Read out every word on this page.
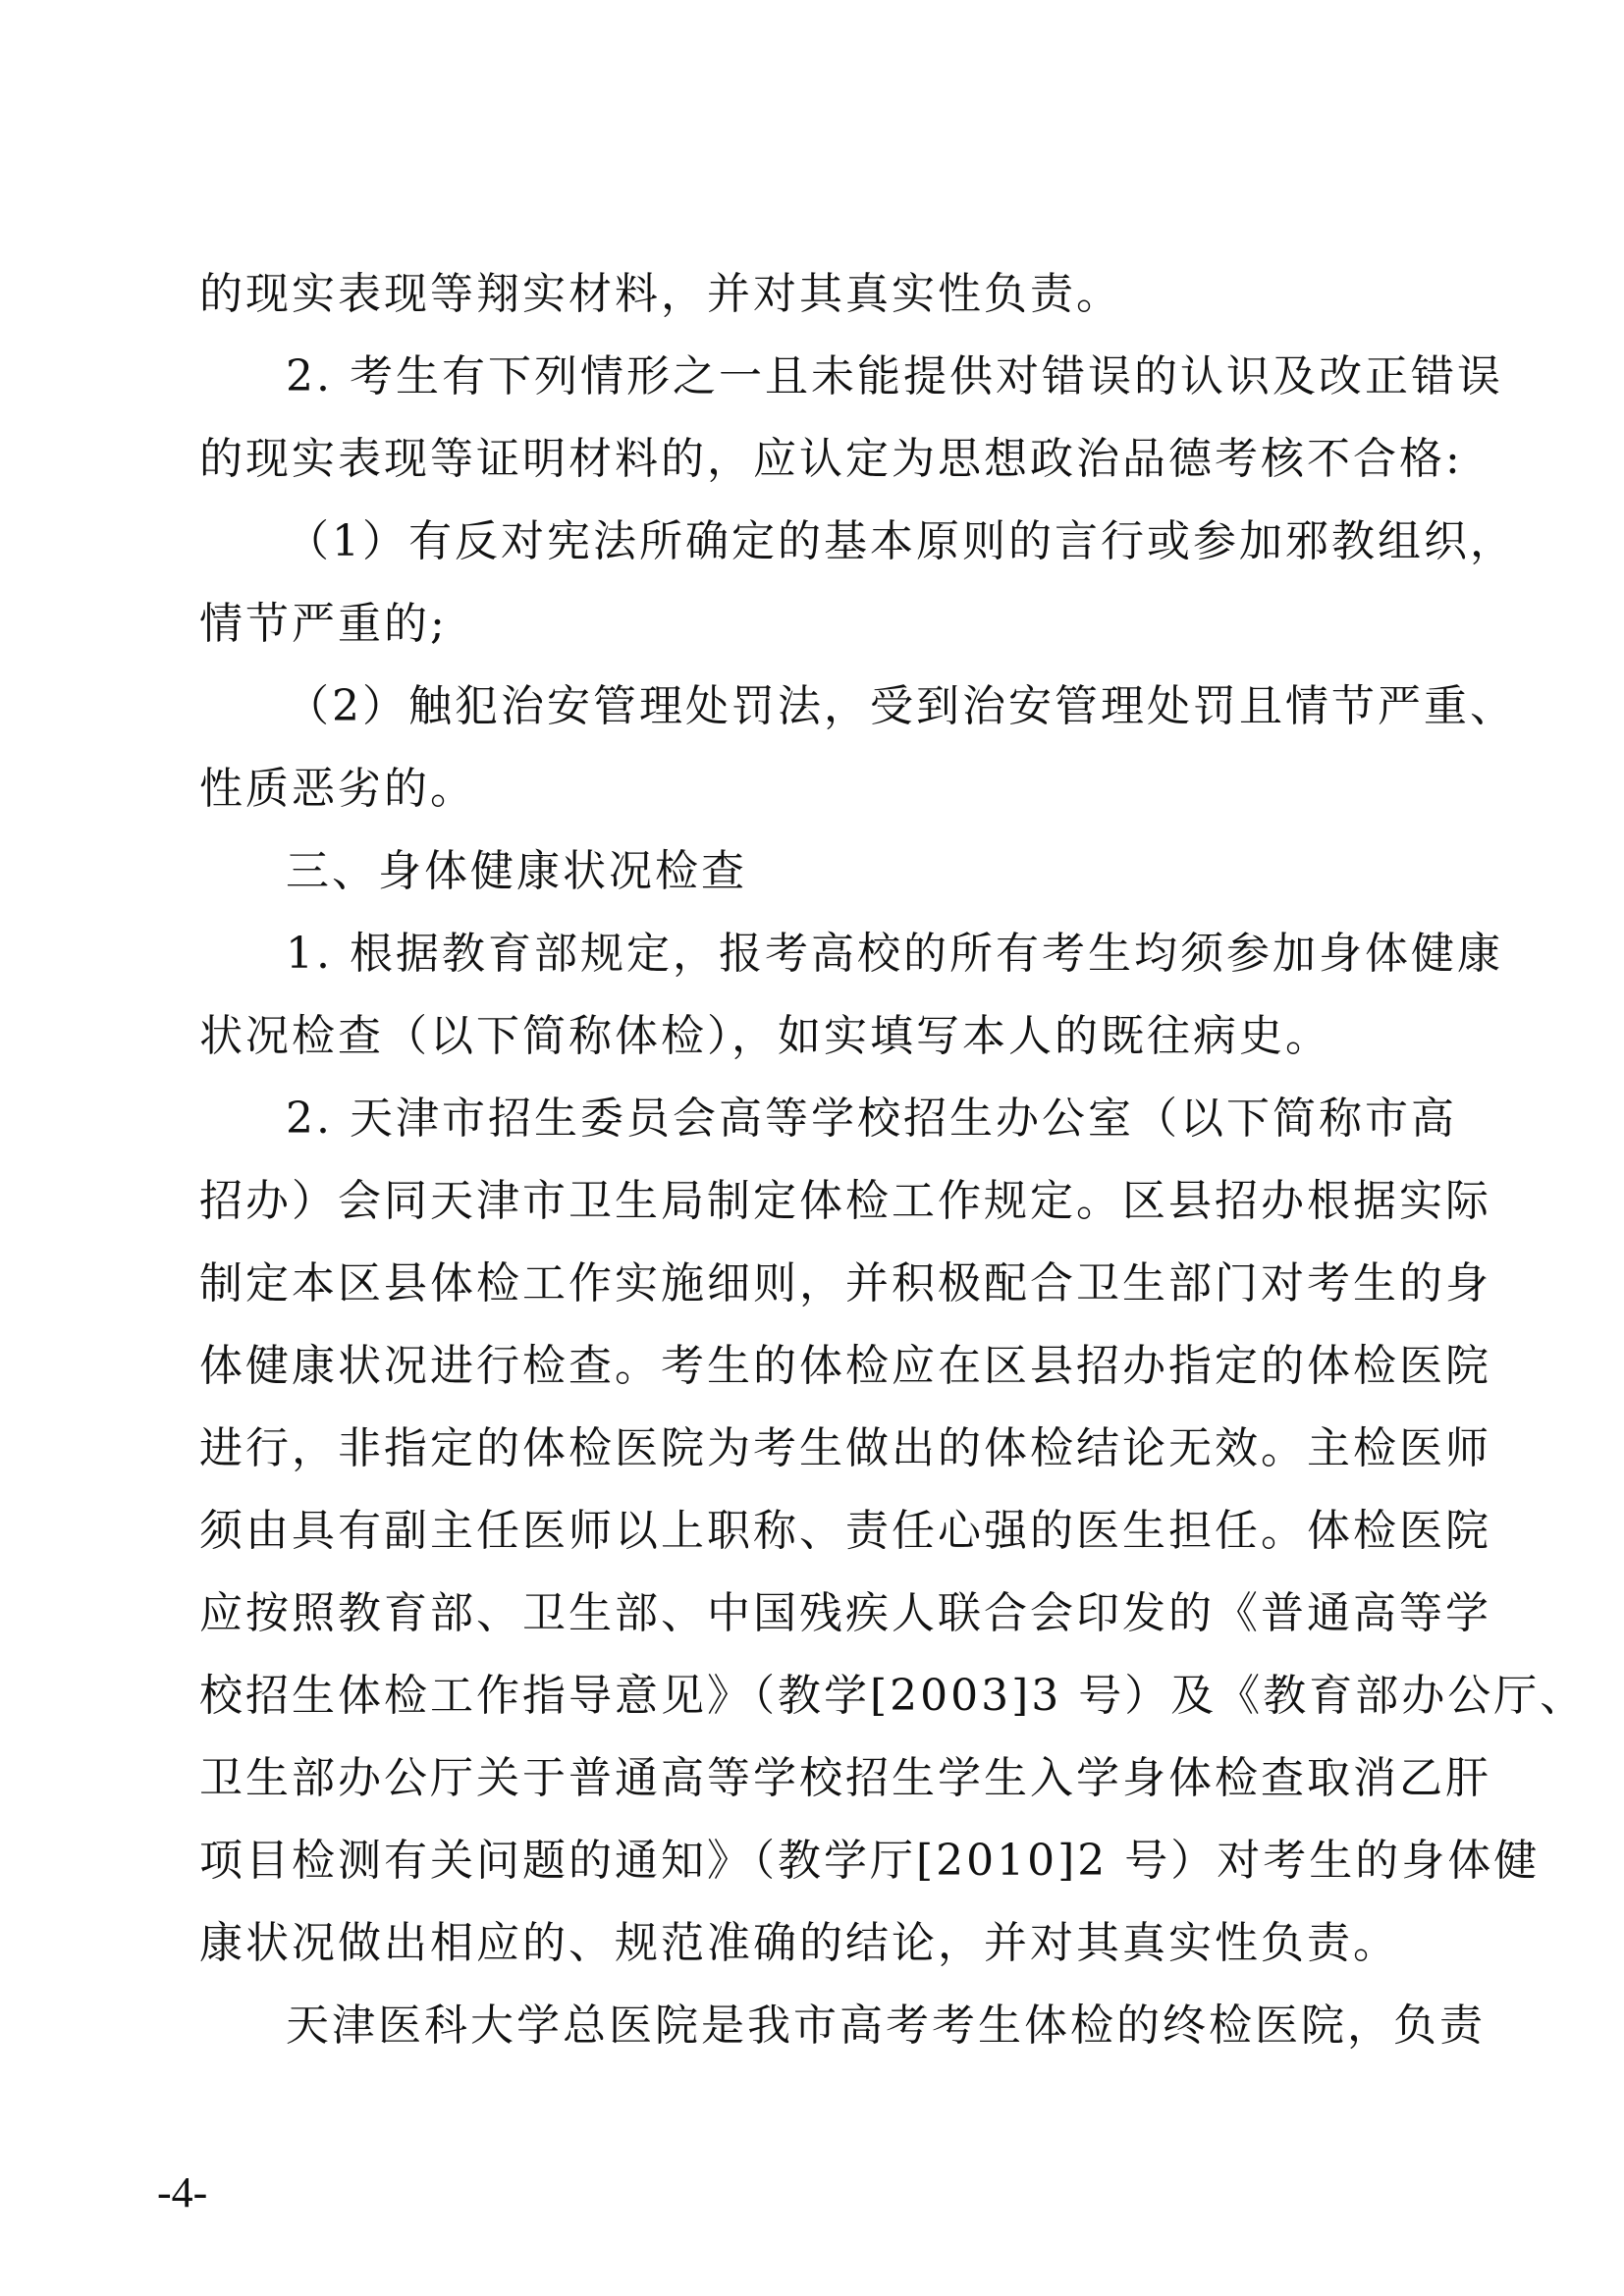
的现实表现等翔实材料，并对其真实性负责。
2. 考生有下列情形之一且未能提供对错误的认识及改正错误
的现实表现等证明材料的，应认定为思想政治品德考核不合格:
（1）有反对宪法所确定的基本原则的言行或参加邪教组织，
情节严重的;
（2）触犯治安管理处罚法，受到治安管理处罚且情节严重、
性质恶劣的。
三、身体健康状况检查
1. 根据教育部规定，报考高校的所有考生均须参加身体健康
状况检查（以下简称体检），如实填写本人的既往病史。
2. 天津市招生委员会高等学校招生办公室（以下简称市高
招办）会同天津市卫生局制定体检工作规定。区县招办根据实际
制定本区县体检工作实施细则，并积极配合卫生部门对考生的身
体健康状况进行检查。考生的体检应在区县招办指定的体检医院
进行，非指定的体检医院为考生做出的体检结论无效。主检医师
须由具有副主任医师以上职称、责任心强的医生担任。体检医院
应按照教育部、卫生部、中国残疾人联合会印发的《普通高等学
校招生体检工作指导意见》（教学[2003]3 号）及《教育部办公厅、
卫生部办公厅关于普通高等学校招生学生入学身体检查取消乙肝
项目检测有关问题的通知》（教学厅[2010]2 号）对考生的身体健
康状况做出相应的、规范准确的结论，并对其真实性负责。
天津医科大学总医院是我市高考考生体检的终检医院，负责
-4-
